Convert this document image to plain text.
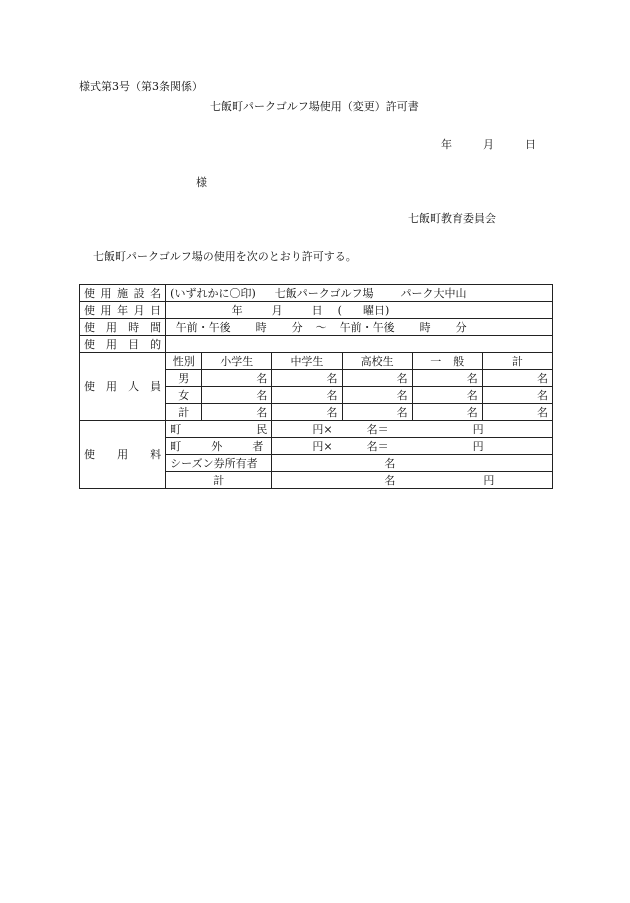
様式第3号（第3条関係）
七飯町パークゴルフ場使用（変更）許可書
年	月	日
様
七飯町教育委員会
七飯町パークゴルフ場の使用を次のとおり許可する。
使用施設名	(いずれかに〇印) 七飯パークゴルフ場 パーク大中山					
使用年月日	年 月 日 ( 曜日)					
使用時間	午前・午後 時 分 ～ 午前・午後 時 分					
使用目的						
使用人員	性別	小学生	中学生	高校生	一般	計
	男	名	名	名	名	名
	女	名	名	名	名	名
	計	名	名	名	名	名
使用料	町 民		円× 名＝ 円			

	町 外 者		円× 名＝ 円			

	シーズン券所有者		名			

	計		名 円			
